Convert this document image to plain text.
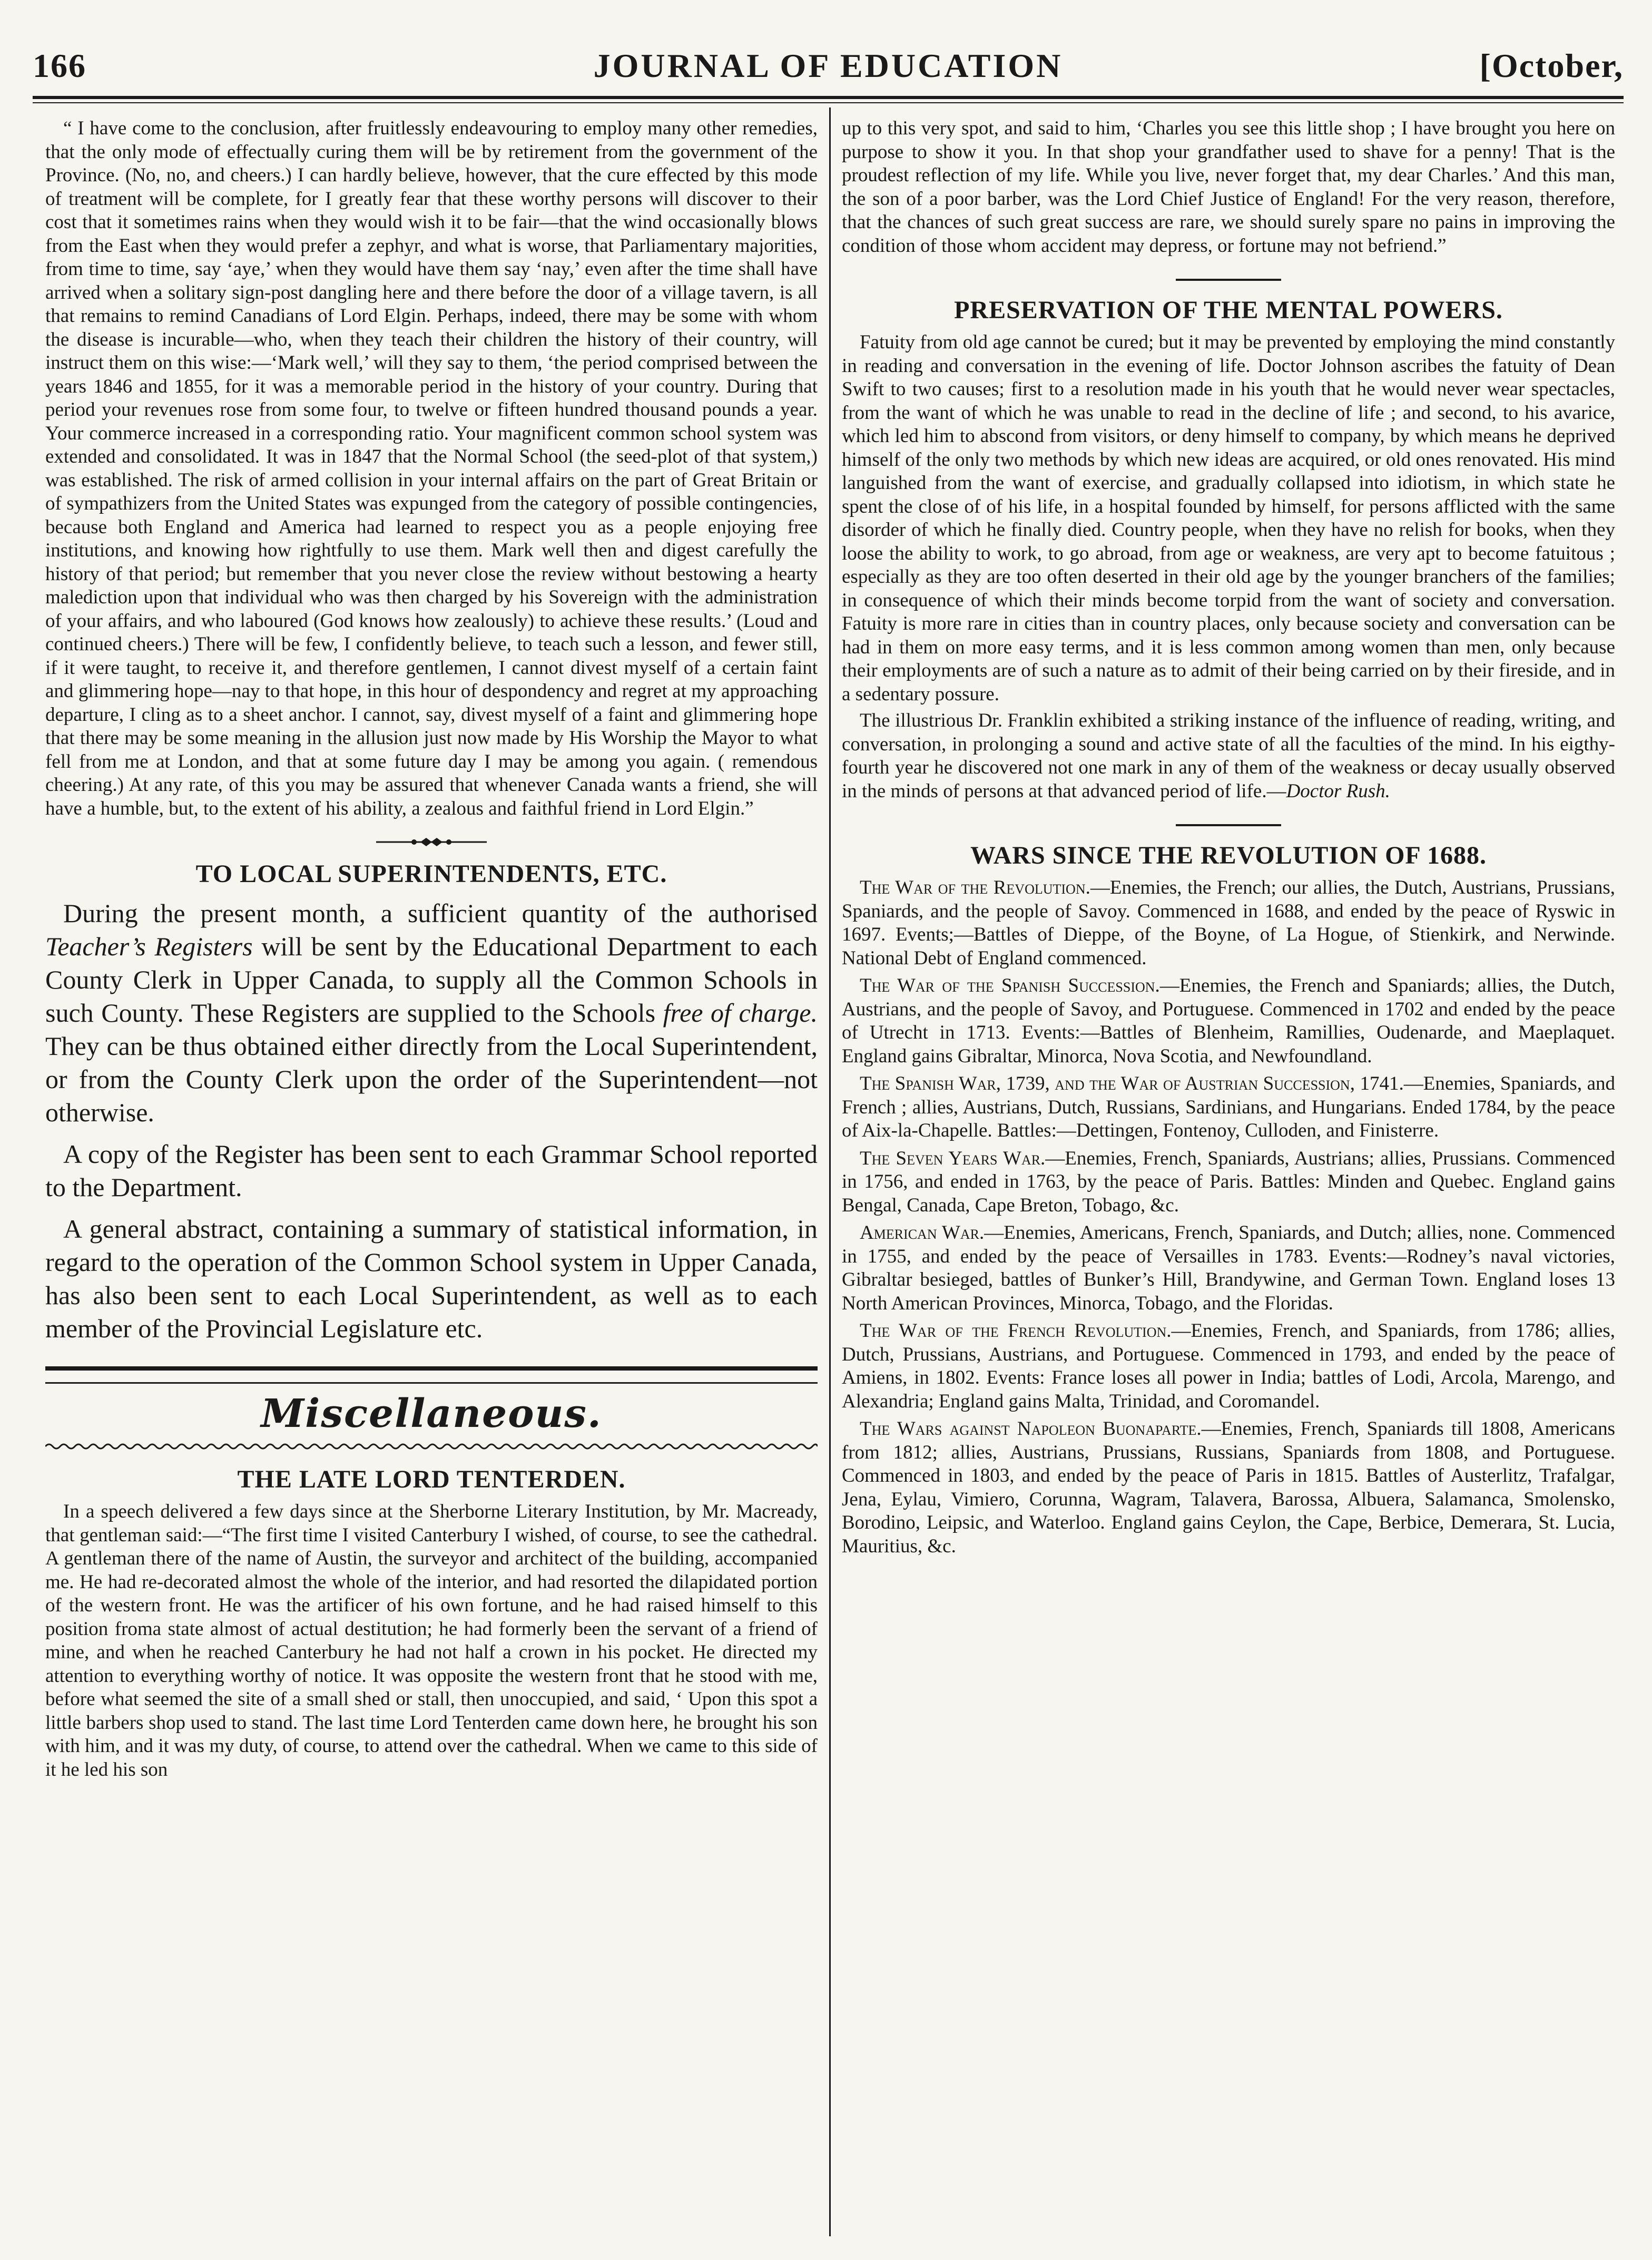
166	JOURNAL OF EDUCATION	[October,

“ I have come to the conclusion, after fruitlessly endeavouring to employ many other remedies, that the only mode of effectually curing them will be by retirement from the government of the Province. (No, no, and cheers.) I can hardly believe, however, that the cure effected by this mode of treatment will be complete, for I greatly fear that these worthy persons will discover to their cost that it sometimes rains when they would wish it to be fair—that the wind occasionally blows from the East when they would prefer a zephyr, and what is worse, that Parliamentary majorities, from time to time, say ‘aye,’ when they would have them say ‘nay,’ even after the time shall have arrived when a solitary sign-post dangling here and there before the door of a village tavern, is all that remains to remind Canadians of Lord Elgin. Perhaps, indeed, there may be some with whom the disease is incurable—who, when they teach their children the history of their country, will instruct them on this wise:—‘Mark well,’ will they say to them, ‘the period comprised between the years 1846 and 1855, for it was a memorable period in the history of your country. During that period your revenues rose from some four, to twelve or fifteen hundred thousand pounds a year. Your commerce increased in a corresponding ratio. Your magnificent common school system was extended and consolidated. It was in 1847 that the Normal School (the seed-plot of that system,) was established. The risk of armed collision in your internal affairs on the part of Great Britain or of sympathizers from the United States was expunged from the category of possible contingencies, because both England and America had learned to respect you as a people enjoying free institutions, and knowing how rightfully to use them. Mark well then and digest carefully the history of that period; but remember that you never close the review without bestowing a hearty malediction upon that individual who was then charged by his Sovereign with the administration of your affairs, and who laboured (God knows how zealously) to achieve these results.’ (Loud and continued cheers.) There will be few, I confidently believe, to teach such a lesson, and fewer still, if it were taught, to receive it, and therefore gentlemen, I cannot divest myself of a certain faint and glimmering hope—nay to that hope, in this hour of despondency and regret at my approaching departure, I cling as to a sheet anchor. I cannot, say, divest myself of a faint and glimmering hope that there may be some meaning in the allusion just now made by His Worship the Mayor to what fell from me at London, and that at some future day I may be among you again. ( remendous cheering.) At any rate, of this you may be assured that whenever Canada wants a friend, she will have a humble, but, to the extent of his ability, a zealous and faithful friend in Lord Elgin.”

TO LOCAL SUPERINTENDENTS, ETC.

During the present month, a sufficient quantity of the authorised Teacher’s Registers will be sent by the Educational Department to each County Clerk in Upper Canada, to supply all the Common Schools in such County. These Registers are supplied to the Schools free of charge. They can be thus obtained either directly from the Local Superintendent, or from the County Clerk upon the order of the Superintendent—not otherwise.

A copy of the Register has been sent to each Grammar School reported to the Department.

A general abstract, containing a summary of statistical information, in regard to the operation of the Common School system in Upper Canada, has also been sent to each Local Superintendent, as well as to each member of the Provincial Legislature etc.

Miscellaneous.
THE LATE LORD TENTERDEN.

In a speech delivered a few days since at the Sherborne Literary Institution, by Mr. Macready, that gentleman said:—“The first time I visited Canterbury I wished, of course, to see the cathedral. A gentleman there of the name of Austin, the surveyor and architect of the building, accompanied me. He had re-decorated almost the whole of the interior, and had resorted the dilapidated portion of the western front. He was the artificer of his own fortune, and he had raised himself to this position froma state almost of actual destitution; he had formerly been the servant of a friend of mine, and when he reached Canterbury he had not half a crown in his pocket. He directed my attention to everything worthy of notice. It was opposite the western front that he stood with me, before what seemed the site of a small shed or stall, then unoccupied, and said, ‘ Upon this spot a little barbers shop used to stand. The last time Lord Tenterden came down here, he brought his son with him, and it was my duty, of course, to attend over the cathedral. When we came to this side of it he led his son

up to this very spot, and said to him, ‘Charles you see this little shop ; I have brought you here on purpose to show it you. In that shop your grandfather used to shave for a penny! That is the proudest reflection of my life. While you live, never forget that, my dear Charles.’ And this man, the son of a poor barber, was the Lord Chief Justice of England! For the very reason, therefore, that the chances of such great success are rare, we should surely spare no pains in improving the condition of those whom accident may depress, or fortune may not befriend.”

PRESERVATION OF THE MENTAL POWERS.

Fatuity from old age cannot be cured; but it may be prevented by employing the mind constantly in reading and conversation in the evening of life. Doctor Johnson ascribes the fatuity of Dean Swift to two causes; first to a resolution made in his youth that he would never wear spectacles, from the want of which he was unable to read in the decline of life ; and second, to his avarice, which led him to abscond from visitors, or deny himself to company, by which means he deprived himself of the only two methods by which new ideas are acquired, or old ones renovated. His mind languished from the want of exercise, and gradually collapsed into idiotism, in which state he spent the close of of his life, in a hospital founded by himself, for persons afflicted with the same disorder of which he finally died. Country people, when they have no relish for books, when they loose the ability to work, to go abroad, from age or weakness, are very apt to become fatuitous ; especially as they are too often deserted in their old age by the younger branchers of the families; in consequence of which their minds become torpid from the want of society and conversation. Fatuity is more rare in cities than in country places, only because society and conversation can be had in them on more easy terms, and it is less common among women than men, only because their employments are of such a nature as to admit of their being carried on by their fireside, and in a sedentary possure.

The illustrious Dr. Franklin exhibited a striking instance of the influence of reading, writing, and conversation, in prolonging a sound and active state of all the faculties of the mind. In his eigthy-fourth year he discovered not one mark in any of them of the weakness or decay usually observed in the minds of persons at that advanced period of life.—Doctor Rush.

WARS SINCE THE REVOLUTION OF 1688.

The War of the Revolution.—Enemies, the French; our allies, the Dutch, Austrians, Prussians, Spaniards, and the people of Savoy. Commenced in 1688, and ended by the peace of Ryswic in 1697. Events;—Battles of Dieppe, of the Boyne, of La Hogue, of Stienkirk, and Nerwinde. National Debt of England commenced.

The War of the Spanish Succession.—Enemies, the French and Spaniards; allies, the Dutch, Austrians, and the people of Savoy, and Portuguese. Commenced in 1702 and ended by the peace of Utrecht in 1713. Events:—Battles of Blenheim, Ramillies, Oudenarde, and Maeplaquet. England gains Gibraltar, Minorca, Nova Scotia, and Newfoundland.

The Spanish War, 1739, and the War of Austrian Succession, 1741.—Enemies, Spaniards, and French ; allies, Austrians, Dutch, Russians, Sardinians, and Hungarians. Ended 1784, by the peace of Aix-la-Chapelle. Battles:—Dettingen, Fontenoy, Culloden, and Finisterre.

The Seven Years War.—Enemies, French, Spaniards, Austrians; allies, Prussians. Commenced in 1756, and ended in 1763, by the peace of Paris. Battles: Minden and Quebec. England gains Bengal, Canada, Cape Breton, Tobago, &c.

American War.—Enemies, Americans, French, Spaniards, and Dutch; allies, none. Commenced in 1755, and ended by the peace of Versailles in 1783. Events:—Rodney’s naval victories, Gibraltar besieged, battles of Bunker’s Hill, Brandywine, and German Town. England loses 13 North American Provinces, Minorca, Tobago, and the Floridas.

The War of the French Revolution.—Enemies, French, and Spaniards, from 1786; allies, Dutch, Prussians, Austrians, and Portuguese. Commenced in 1793, and ended by the peace of Amiens, in 1802. Events: France loses all power in India; battles of Lodi, Arcola, Marengo, and Alexandria; England gains Malta, Trinidad, and Coromandel.

The Wars against Napoleon Buonaparte.—Enemies, French, Spaniards till 1808, Americans from 1812; allies, Austrians, Prussians, Russians, Spaniards from 1808, and Portuguese. Commenced in 1803, and ended by the peace of Paris in 1815. Battles of Austerlitz, Trafalgar, Jena, Eylau, Vimiero, Corunna, Wagram, Talavera, Barossa, Albuera, Salamanca, Smolensko, Borodino, Leipsic, and Waterloo. England gains Ceylon, the Cape, Berbice, Demerara, St. Lucia, Mauritius, &c.
